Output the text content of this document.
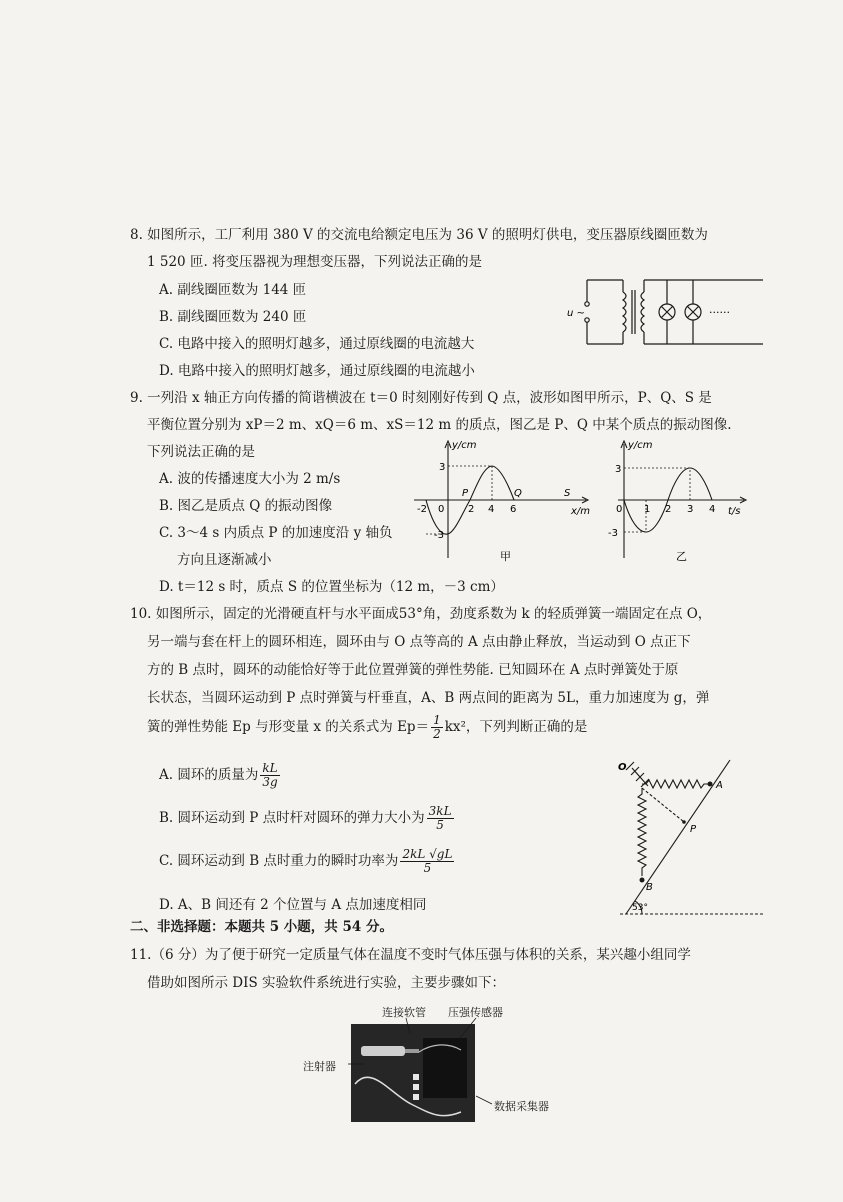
8. 如图所示，工厂利用 380 V 的交流电给额定电压为 36 V 的照明灯供电，变压器原线圈匝数为
1 520 匝. 将变压器视为理想变压器，下列说法正确的是
A. 副线圈匝数为 144 匝
B. 副线圈匝数为 240 匝
C. 电路中接入的照明灯越多，通过原线圈的电流越大
D. 电路中接入的照明灯越多，通过原线圈的电流越小
u ~	······
9. 一列沿 x 轴正方向传播的简谐横波在 t＝0 时刻刚好传到 Q 点，波形如图甲所示，P、Q、S 是
平衡位置分别为 xP＝2 m、xQ＝6 m、xS＝12 m 的质点，图乙是 P、Q 中某个质点的振动图像.
下列说法正确的是
A. 波的传播速度大小为 2 m/s
B. 图乙是质点 Q 的振动图像
C. 3～4 s 内质点 P 的加速度沿 y 轴负
方向且逐渐减小
D. t＝12 s 时，质点 S 的位置坐标为（12 m，－3 cm）
y/cm
x/m
-2 0 2 4 6
3
-3
P	Q	S
甲
y/cm
t/s
0 1 2 3 4
3
-3
乙
10. 如图所示，固定的光滑硬直杆与水平面成53°角，劲度系数为 k 的轻质弹簧一端固定在点 O，
另一端与套在杆上的圆环相连，圆环由与 O 点等高的 A 点由静止释放，当运动到 O 点正下
方的 B 点时，圆环的动能恰好等于此位置弹簧的弹性势能. 已知圆环在 A 点时弹簧处于原
长状态，当圆环运动到 P 点时弹簧与杆垂直，A、B 两点间的距离为 5L，重力加速度为 g，弹
簧的弹性势能 Ep 与形变量 x 的关系式为 $Ep= \frac{1}{2} kx^2$，下列判断正确的是
A. 圆环的质量为 $\frac{kL}{3g}$
B. 圆环运动到 P 点时杆对圆环的弹力大小为 $\frac{3kL}{5}$
C. 圆环运动到 B 点时重力的瞬时功率为 $\frac{2kL √gL}{5}$
D. A、B 间还有 2 个位置与 A 点加速度相同
O
A
P
B
53°
二、非选择题：本题共 5 小题，共 54 分。
11.（6 分）为了便于研究一定质量气体在温度不变时气体压强与体积的关系，某兴趣小组同学
借助如图所示 DIS 实验软件系统进行实验，主要步骤如下：
连接软管 压强传感器
注射器
数据采集器
